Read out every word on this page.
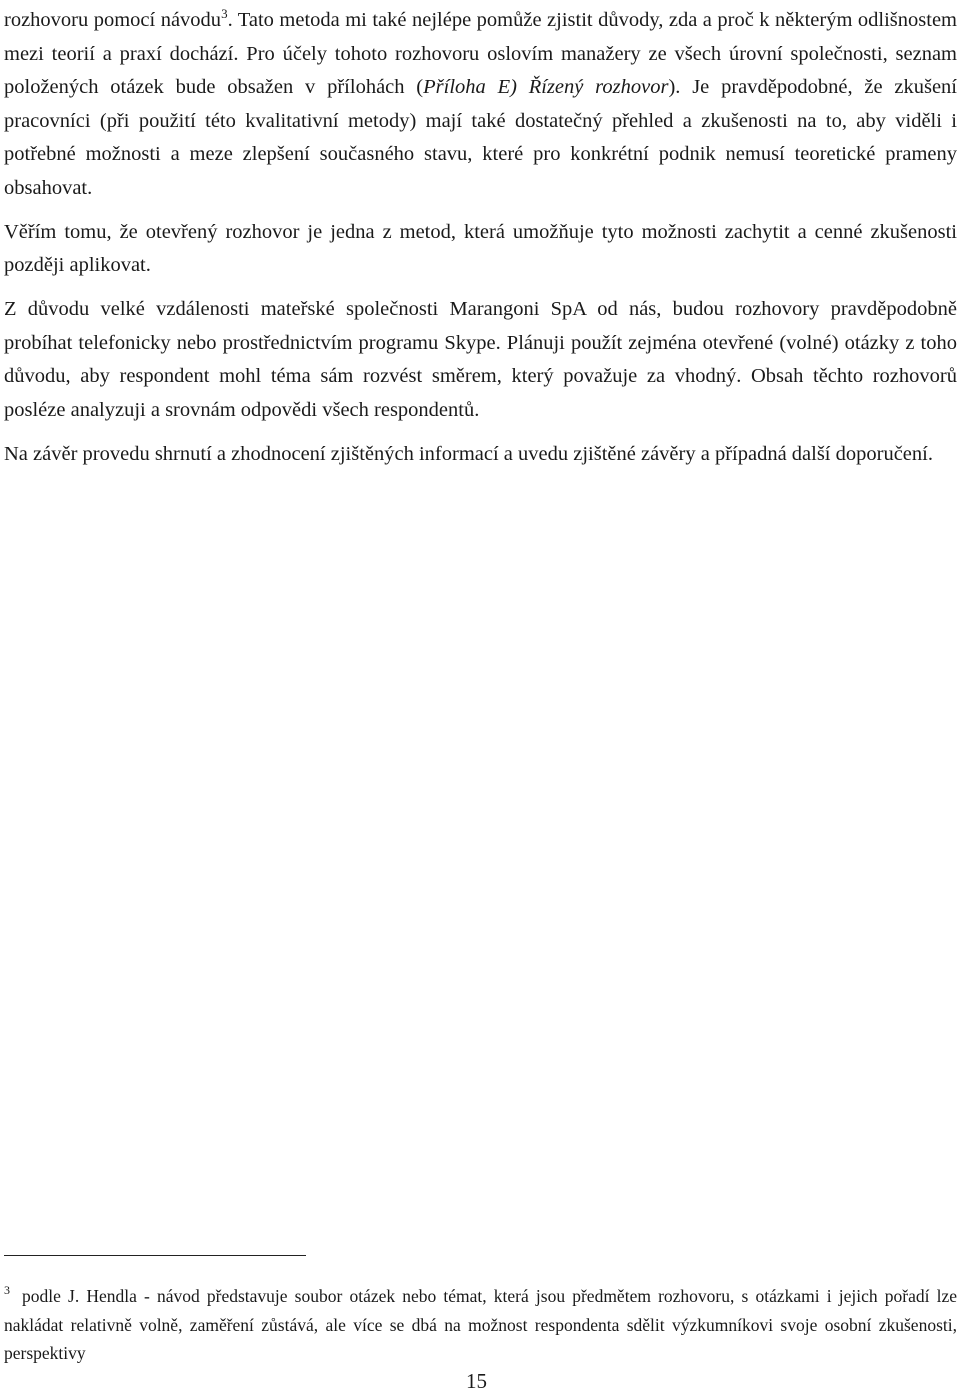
rozhovoru pomocí návodu$^3$. Tato metoda mi také nejlépe pomůže zjistit důvody, zda a proč k některým odlišnostem mezi teorií a praxí dochází. Pro účely tohoto rozhovoru oslovím manažery ze všech úrovní společnosti, seznam položených otázek bude obsažen v přílohách (Příloha E) Řízený rozhovor). Je pravděpodobné, že zkušení pracovníci (při použití této kvalitativní metody) mají také dostatečný přehled a zkušenosti na to, aby viděli i potřebné možnosti a meze zlepšení současného stavu, které pro konkrétní podnik nemusí teoretické prameny obsahovat.

Věřím tomu, že otevřený rozhovor je jedna z metod, která umožňuje tyto možnosti zachytit a cenné zkušenosti později aplikovat.

Z důvodu velké vzdálenosti mateřské společnosti Marangoni SpA od nás, budou rozhovory pravděpodobně probíhat telefonicky nebo prostřednictvím programu Skype. Plánuji použít zejména otevřené (volné) otázky z toho důvodu, aby respondent mohl téma sám rozvést směrem, který považuje za vhodný. Obsah těchto rozhovorů posléze analyzuji a srovnám odpovědi všech respondentů.

Na závěr provedu shrnutí a zhodnocení zjištěných informací a uvedu zjištěné závěry a případná další doporučení.

$^3$ podle J. Hendla - návod představuje soubor otázek nebo témat, která jsou předmětem rozhovoru, s otázkami i jejich pořadí lze nakládat relativně volně, zaměření zůstává, ale více se dbá na možnost respondenta sdělit výzkumníkovi svoje osobní zkušenosti, perspektivy
15
